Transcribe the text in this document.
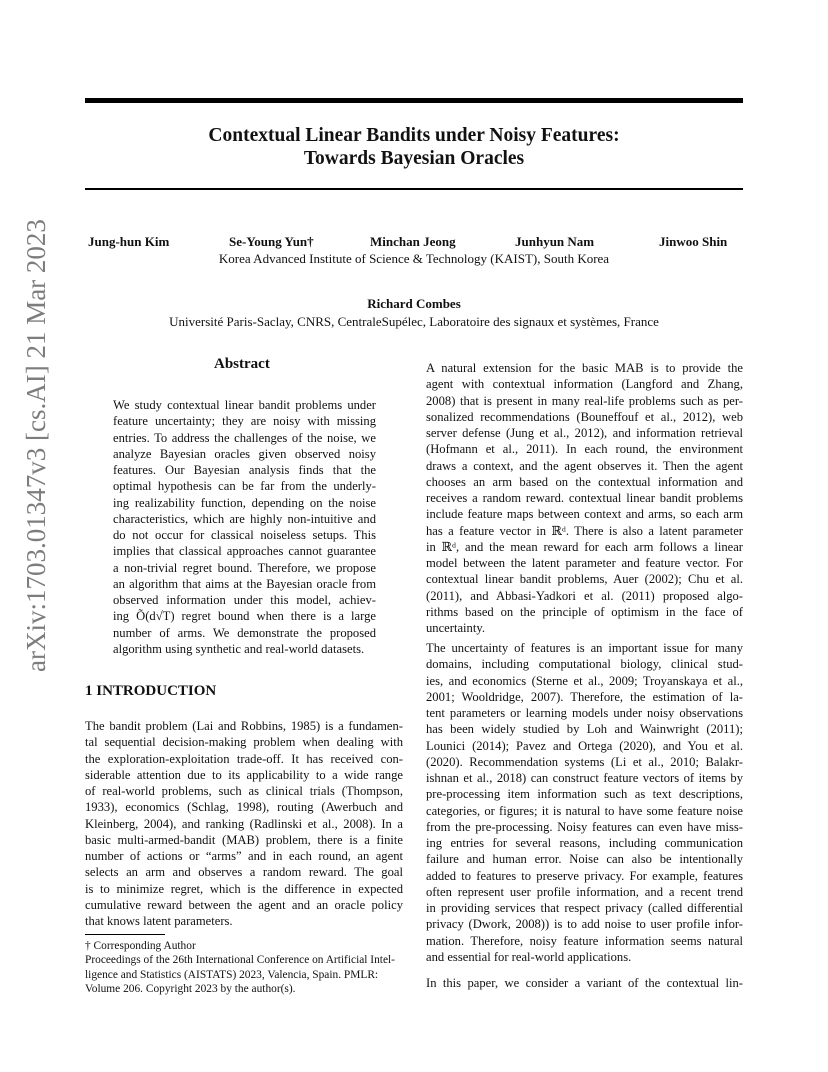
arXiv:1703.01347v3 [cs.AI] 21 Mar 2023
Contextual Linear Bandits under Noisy Features:
Towards Bayesian Oracles
Jung-hun Kim	Se-Young Yun†	Minchan Jeong	Junhyun Nam	Jinwoo Shin
Korea Advanced Institute of Science & Technology (KAIST), South Korea
Richard Combes
Université Paris-Saclay, CNRS, CentraleSupélec, Laboratoire des signaux et systèmes, France
Abstract
We study contextual linear bandit problems under
feature uncertainty; they are noisy with missing
entries. To address the challenges of the noise, we
analyze Bayesian oracles given observed noisy
features. Our Bayesian analysis finds that the
optimal hypothesis can be far from the underly-
ing realizability function, depending on the noise
characteristics, which are highly non-intuitive and
do not occur for classical noiseless setups. This
implies that classical approaches cannot guarantee
a non-trivial regret bound. Therefore, we propose
an algorithm that aims at the Bayesian oracle from
observed information under this model, achiev-
ing Õ(d√T) regret bound when there is a large
number of arms. We demonstrate the proposed
algorithm using synthetic and real-world datasets.
1 INTRODUCTION
The bandit problem (Lai and Robbins, 1985) is a fundamen-
tal sequential decision-making problem when dealing with
the exploration-exploitation trade-off. It has received con-
siderable attention due to its applicability to a wide range
of real-world problems, such as clinical trials (Thompson,
1933), economics (Schlag, 1998), routing (Awerbuch and
Kleinberg, 2004), and ranking (Radlinski et al., 2008). In a
basic multi-armed-bandit (MAB) problem, there is a finite
number of actions or “arms” and in each round, an agent
selects an arm and observes a random reward. The goal
is to minimize regret, which is the difference in expected
cumulative reward between the agent and an oracle policy
that knows latent parameters.
† Corresponding Author
Proceedings of the 26th International Conference on Artificial Intel-
ligence and Statistics (AISTATS) 2023, Valencia, Spain. PMLR:
Volume 206. Copyright 2023 by the author(s).
A natural extension for the basic MAB is to provide the
agent with contextual information (Langford and Zhang,
2008) that is present in many real-life problems such as per-
sonalized recommendations (Bouneffouf et al., 2012), web
server defense (Jung et al., 2012), and information retrieval
(Hofmann et al., 2011). In each round, the environment
draws a context, and the agent observes it. Then the agent
chooses an arm based on the contextual information and
receives a random reward. contextual linear bandit problems
include feature maps between context and arms, so each arm
has a feature vector in ℝᵈ. There is also a latent parameter
in ℝᵈ, and the mean reward for each arm follows a linear
model between the latent parameter and feature vector. For
contextual linear bandit problems, Auer (2002); Chu et al.
(2011), and Abbasi-Yadkori et al. (2011) proposed algo-
rithms based on the principle of optimism in the face of
uncertainty.
The uncertainty of features is an important issue for many
domains, including computational biology, clinical stud-
ies, and economics (Sterne et al., 2009; Troyanskaya et al.,
2001; Wooldridge, 2007). Therefore, the estimation of la-
tent parameters or learning models under noisy observations
has been widely studied by Loh and Wainwright (2011);
Lounici (2014); Pavez and Ortega (2020), and You et al.
(2020). Recommendation systems (Li et al., 2010; Balakr-
ishnan et al., 2018) can construct feature vectors of items by
pre-processing item information such as text descriptions,
categories, or figures; it is natural to have some feature noise
from the pre-processing. Noisy features can even have miss-
ing entries for several reasons, including communication
failure and human error. Noise can also be intentionally
added to features to preserve privacy. For example, features
often represent user profile information, and a recent trend
in providing services that respect privacy (called differential
privacy (Dwork, 2008)) is to add noise to user profile infor-
mation. Therefore, noisy feature information seems natural
and essential for real-world applications.
In this paper, we consider a variant of the contextual lin-
